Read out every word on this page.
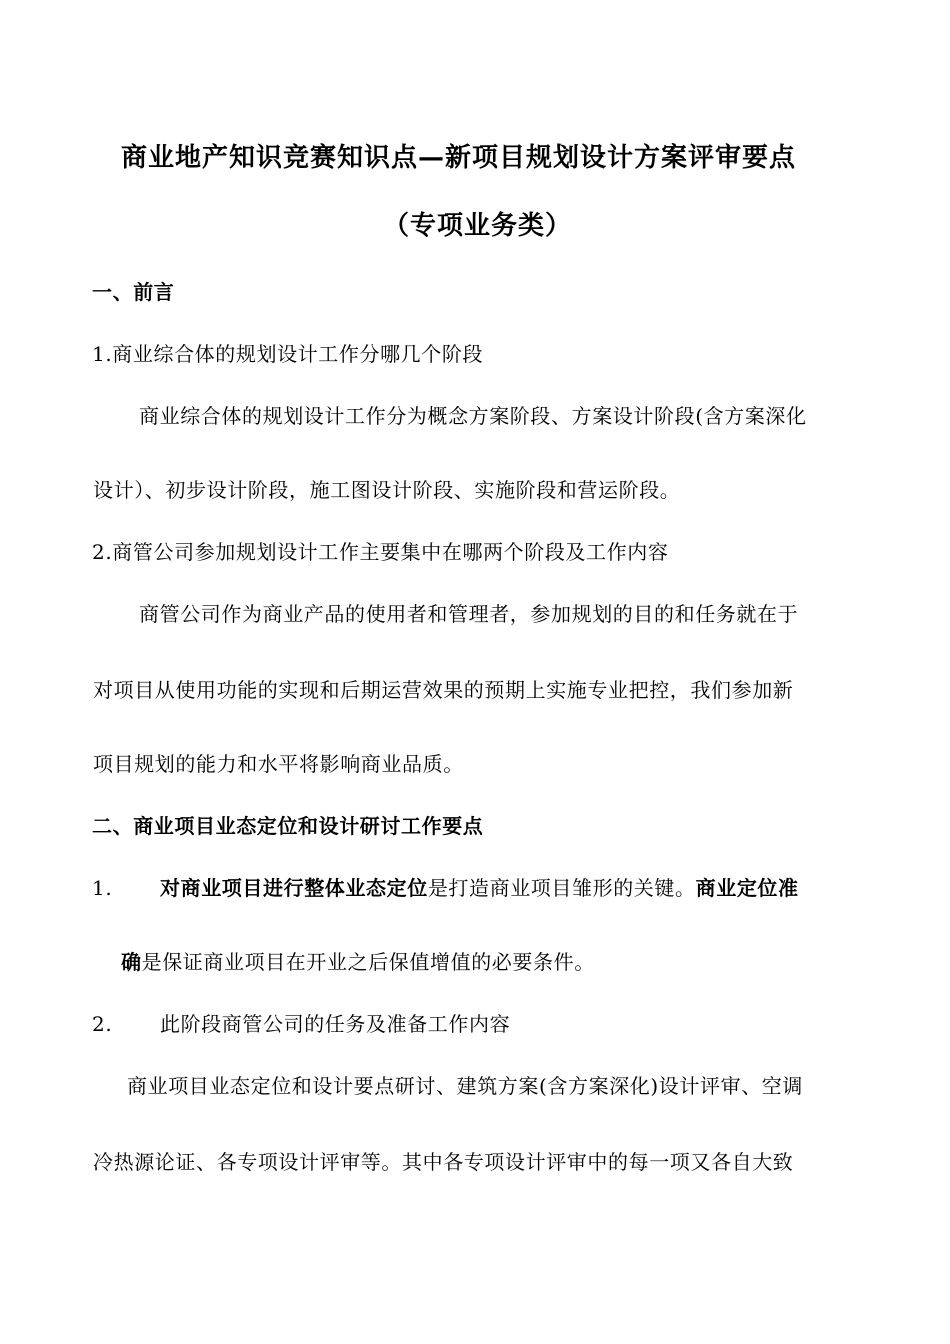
商业地产知识竞赛知识点—新项目规划设计方案评审要点
（专项业务类）
一、前言
1.商业综合体的规划设计工作分哪几个阶段
商业综合体的规划设计工作分为概念方案阶段、方案设计阶段(含方案深化
设计）、初步设计阶段，施工图设计阶段、实施阶段和营运阶段。
2.商管公司参加规划设计工作主要集中在哪两个阶段及工作内容
商管公司作为商业产品的使用者和管理者，参加规划的目的和任务就在于
对项目从使用功能的实现和后期运营效果的预期上实施专业把控，我们参加新
项目规划的能力和水平将影响商业品质。
二、商业项目业态定位和设计研讨工作要点
1. 对商业项目进行整体业态定位是打造商业项目雏形的关键。商业定位准
确是保证商业项目在开业之后保值增值的必要条件。
2. 此阶段商管公司的任务及准备工作内容
商业项目业态定位和设计要点研讨、建筑方案(含方案深化)设计评审、空调
冷热源论证、各专项设计评审等。其中各专项设计评审中的每一项又各自大致
